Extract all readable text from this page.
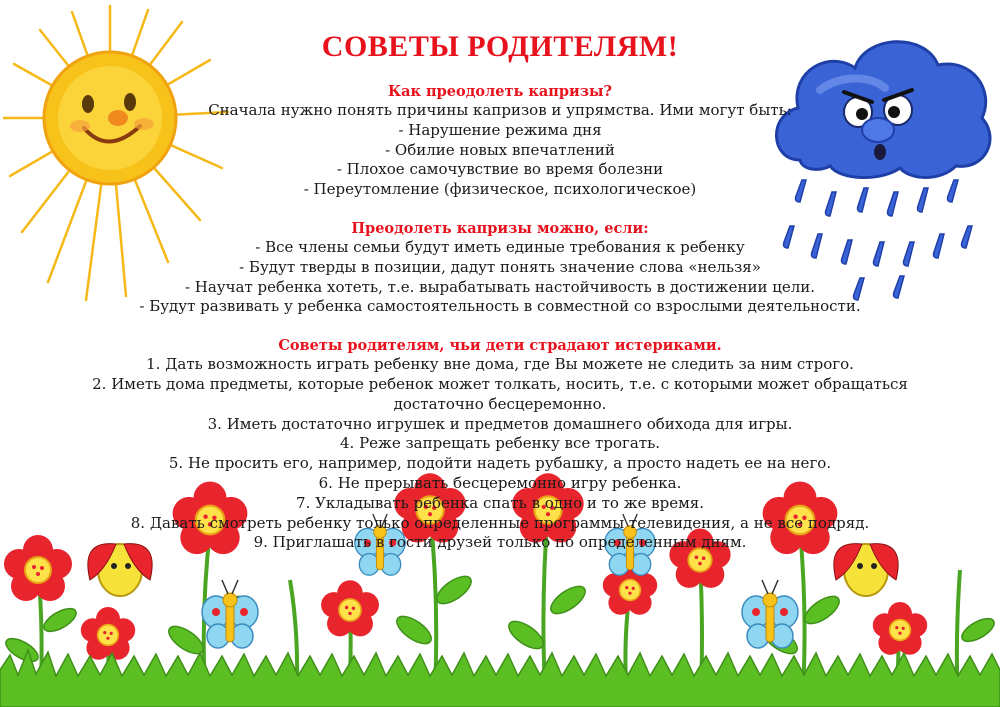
СОВЕТЫ РОДИТЕЛЯМ!
Как преодолеть капризы?
Сначала нужно понять причины капризов и упрямства. Ими могут быть:
- Нарушение режима дня
- Обилие новых впечатлений
- Плохое самочувствие во время болезни
- Переутомление (физическое, психологическое)
Преодолеть капризы можно, если:
- Все члены семьи будут иметь единые требования к ребенку
- Будут тверды в позиции, дадут понять значение слова «нельзя»
- Научат ребенка хотеть, т.е. вырабатывать настойчивость в достижении цели.
- Будут развивать у ребенка самостоятельность в совместной со взрослыми деятельности.
Советы родителям, чьи дети страдают истериками.
1. Дать возможность играть ребенку вне дома, где Вы можете не следить за ним строго.
2. Иметь дома предметы, которые ребенок может толкать, носить, т.е. с которыми может обращаться
достаточно бесцеремонно.
3. Иметь достаточно игрушек и предметов домашнего обихода для игры.
4. Реже запрещать ребенку все трогать.
5. Не просить его, например, подойти надеть рубашку, а просто надеть ее на него.
6. Не прерывать бесцеремонно игру ребенка.
7. Укладывать ребенка спать в одно и то же время.
8. Давать смотреть ребенку только определенные программы телевидения, а не все подряд.
9. Приглашать в гости друзей только по определенным дням.
